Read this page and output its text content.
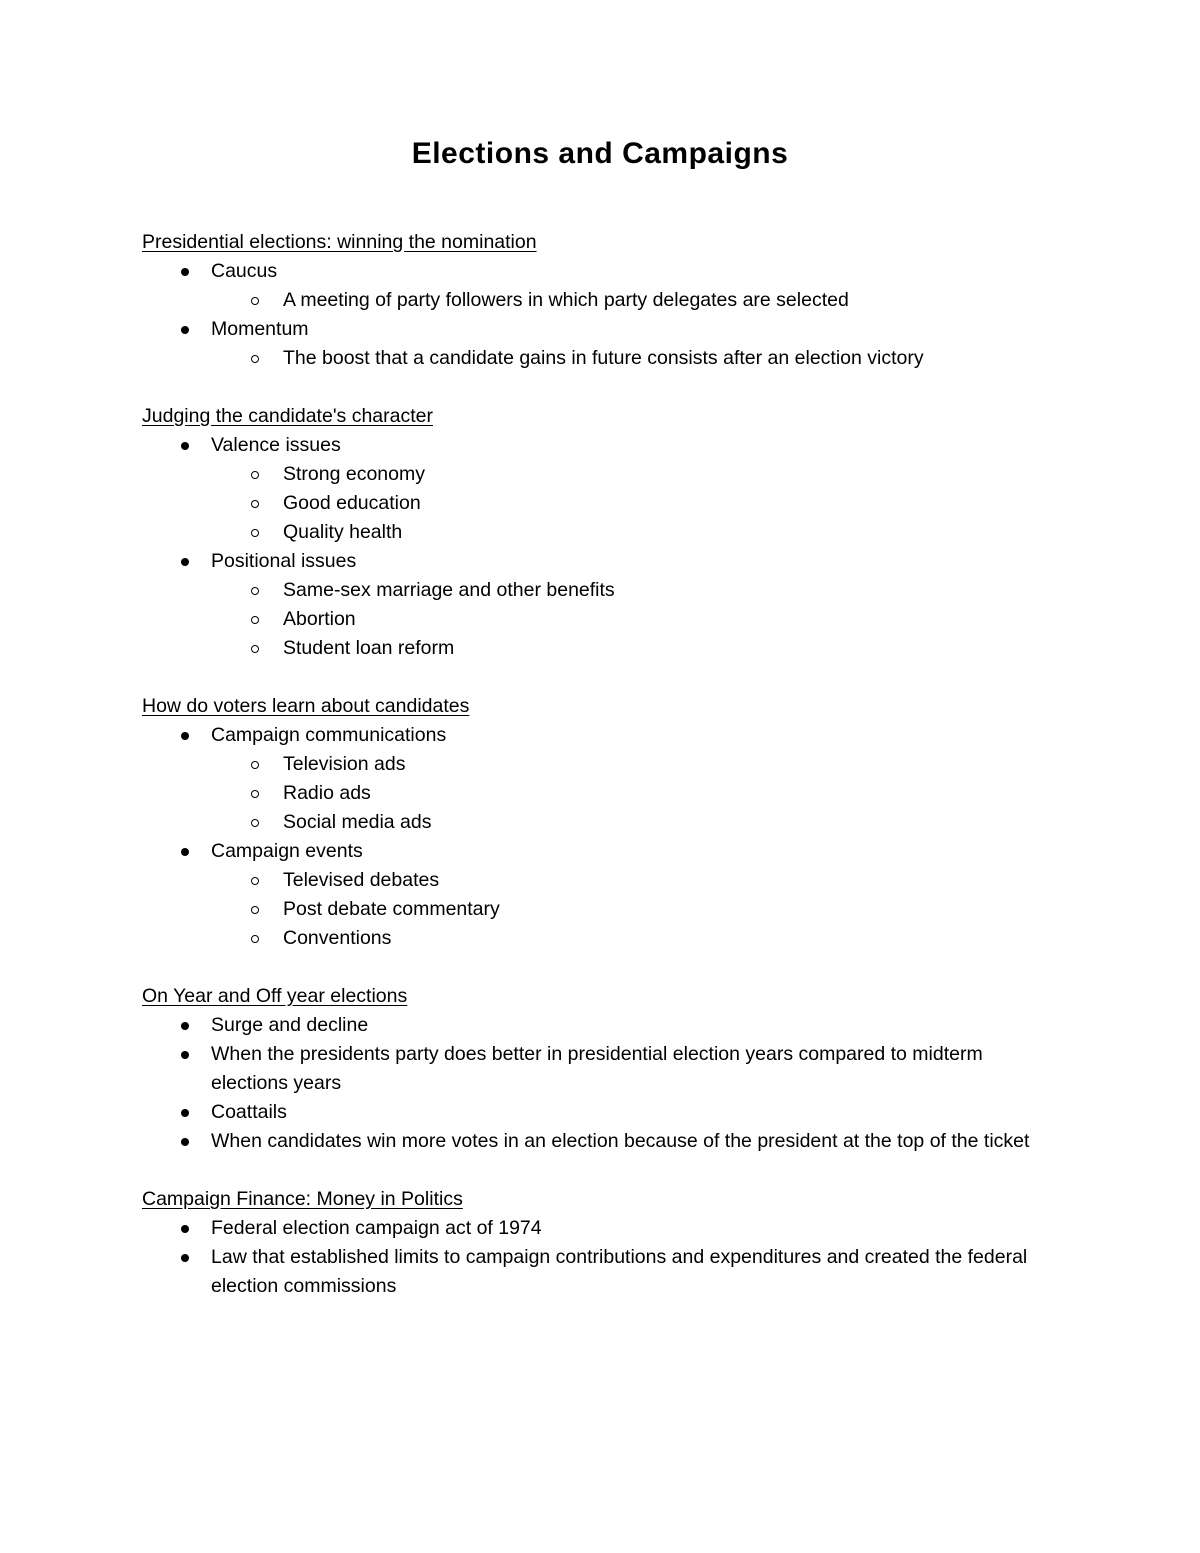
Elections and Campaigns
Presidential elections: winning the nomination
Caucus
A meeting of party followers in which party delegates are selected
Momentum
The boost that a candidate gains in future consists after an election victory
Judging the candidate's character
Valence issues
Strong economy
Good education
Quality health
Positional issues
Same-sex marriage and other benefits
Abortion
Student loan reform
How do voters learn about candidates
Campaign communications
Television ads
Radio ads
Social media ads
Campaign events
Televised debates
Post debate commentary
Conventions
On Year and Off year elections
Surge and decline
When the presidents party does better in presidential election years compared to midterm elections years
Coattails
When candidates win more votes in an election because of the president at the top of the ticket
Campaign Finance: Money in Politics
Federal election campaign act of 1974
Law that established limits to campaign contributions and expenditures and created the federal election commissions
